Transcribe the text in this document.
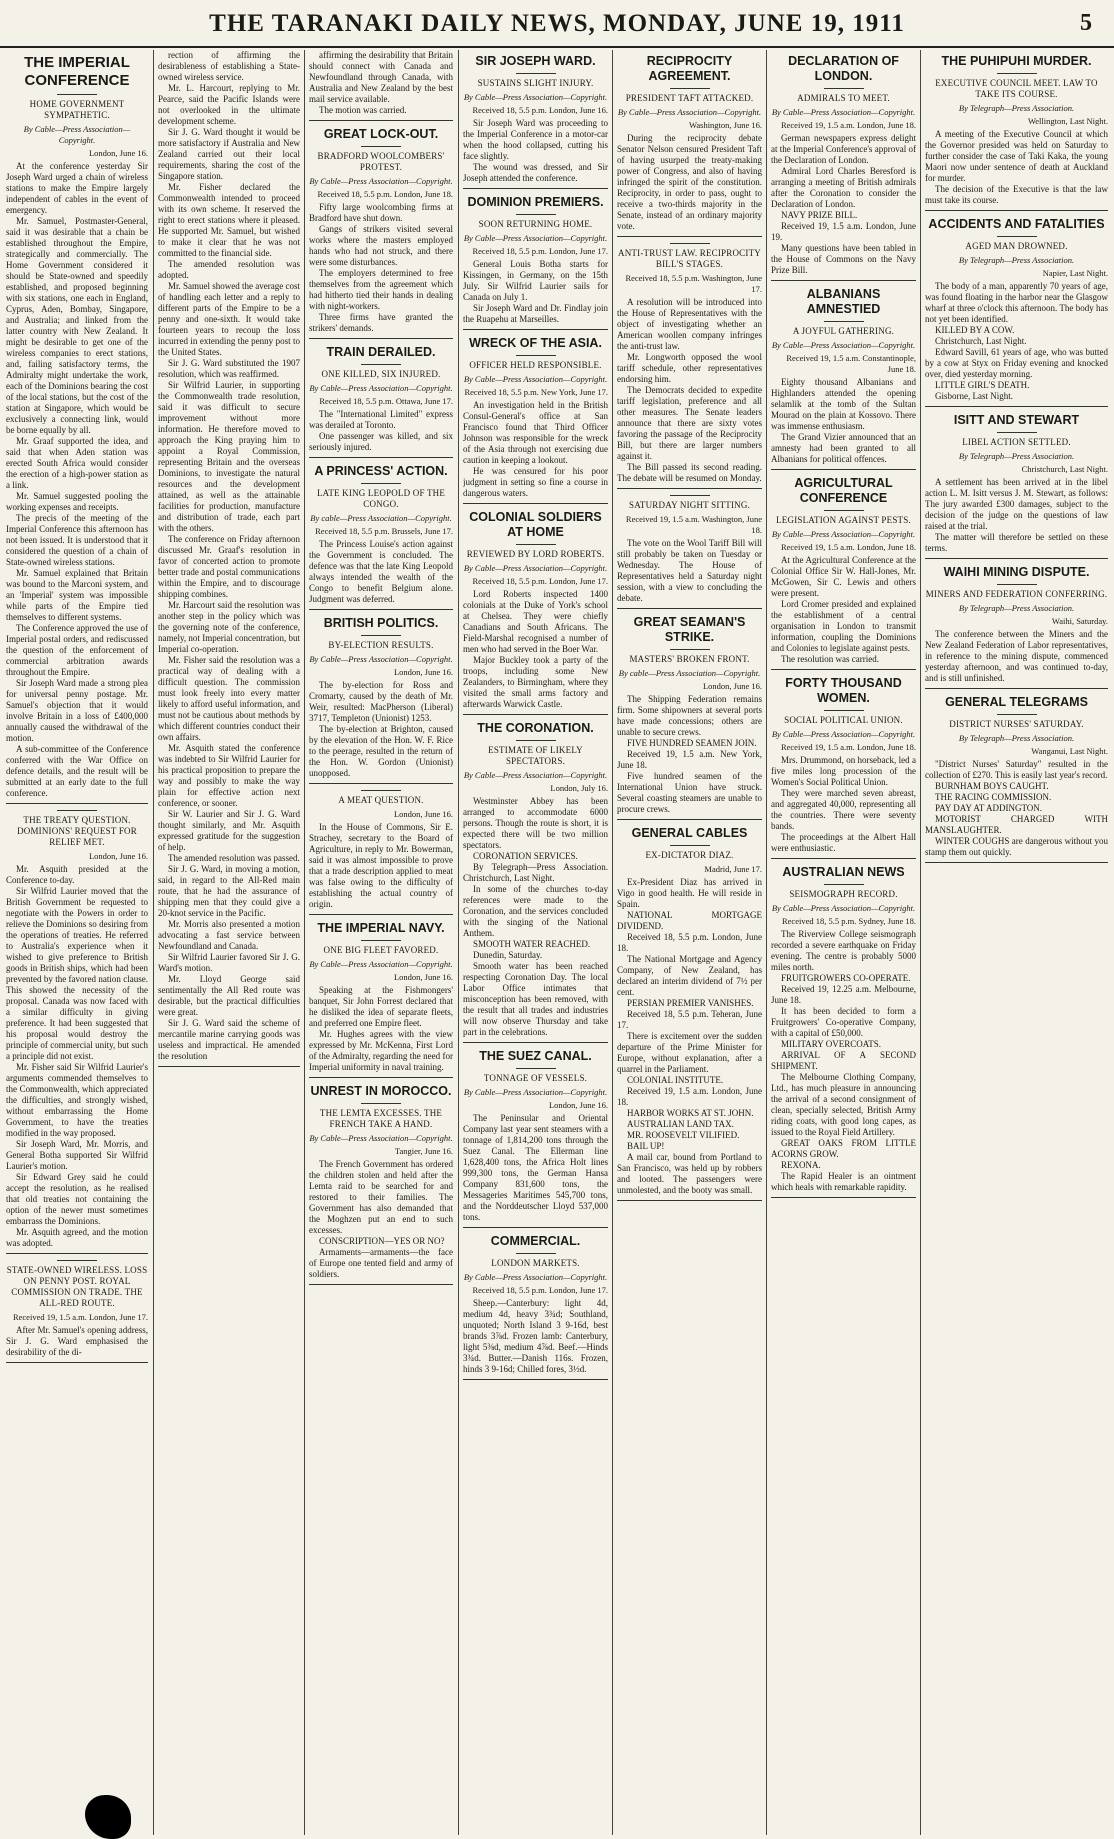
THE TARANAKI DAILY NEWS, MONDAY, JUNE 19, 1911	5
THE IMPERIAL CONFERENCE
HOME GOVERNMENT SYMPATHETIC.
By Cable—Press Association—Copyright.
London, June 16.

At the conference yesterday Sir Joseph Ward urged a chain of wireless stations to make the Empire largely independent of cables in the event of emergency.

Mr. Samuel, Postmaster-General, said it was desirable that a chain be established throughout the Empire, strategically and commercially. The Home Government considered it should be State-owned and speedily established, and proposed beginning with six stations, one each in England, Cyprus, Aden, Bombay, Singapore, and Australia; and linked from the latter country with New Zealand. It might be desirable to get one of the wireless companies to erect stations, and, failing satisfactory terms, the Admiralty might undertake the work, each of the Dominions bearing the cost of the local stations, but the cost of the station at Singapore, which would be exclusively a connecting link, would be borne equally by all.

Mr. Graaf supported the idea, and said that when Aden station was erected South Africa would consider the erection of a high-power station as a link.

Mr. Samuel suggested pooling the working expenses and receipts.

The precis of the meeting of the Imperial Conference this afternoon has not been issued. It is understood that it considered the question of a chain of State-owned wireless stations.

Mr. Samuel explained that Britain was bound to the Marconi system, and an 'Imperial' system was impossible while parts of the Empire tied themselves to different systems.

The Conference approved the use of Imperial postal orders, and rediscussed the question of the enforcement of commercial arbitration awards throughout the Empire.

Sir Joseph Ward made a strong plea for universal penny postage. Mr. Samuel's objection that it would involve Britain in a loss of £400,000 annually caused the withdrawal of the motion.

A sub-committee of the Conference conferred with the War Office on defence details, and the result will be submitted at an early date to the full conference.

THE TREATY QUESTION. DOMINIONS' REQUEST FOR RELIEF MET.
London, June 16.

Mr. Asquith presided at the Conference to-day.

Sir Wilfrid Laurier moved that the British Government be requested to negotiate with the Powers in order to relieve the Dominions so desiring from the operations of treaties. He referred to Australia's experience when it wished to give preference to British goods in British ships, which had been prevented by the favored nation clause. This showed the necessity of the proposal. Canada was now faced with a similar difficulty in giving preference. It had been suggested that his proposal would destroy the principle of commercial unity, but such a principle did not exist.

Mr. Fisher said Sir Wilfrid Laurier's arguments commended themselves to the Commonwealth, which appreciated the difficulties, and strongly wished, without embarrassing the Home Government, to have the treaties modified in the way proposed.

Sir Joseph Ward, Mr. Morris, and General Botha supported Sir Wilfrid Laurier's motion.

Sir Edward Grey said he could accept the resolution, as he realised that old treaties not containing the option of the newer must sometimes embarrass the Dominions.

Mr. Asquith agreed, and the motion was adopted.

STATE-OWNED WIRELESS. LOSS ON PENNY POST. ROYAL COMMISSION ON TRADE. THE ALL-RED ROUTE.
Received 19, 1.5 a.m. London, June 17.

After Mr. Samuel's opening address, Sir J. G. Ward emphasised the desirability of the di-

rection of affirming the desirableness of establishing a State-owned wireless service.

Mr. L. Harcourt, replying to Mr. Pearce, said the Pacific Islands were not overlooked in the ultimate development scheme.

Sir J. G. Ward thought it would be more satisfactory if Australia and New Zealand carried out their local requirements, sharing the cost of the Singapore station.

Mr. Fisher declared the Commonwealth intended to proceed with its own scheme. It reserved the right to erect stations where it pleased. He supported Mr. Samuel, but wished to make it clear that he was not committed to the financial side.

The amended resolution was adopted.

Mr. Samuel showed the average cost of handling each letter and a reply to different parts of the Empire to be a penny and one-sixth. It would take fourteen years to recoup the loss incurred in extending the penny post to the United States.

Sir J. G. Ward substituted the 1907 resolution, which was reaffirmed.

Sir Wilfrid Laurier, in supporting the Commonwealth trade resolution, said it was difficult to secure improvement without more information. He therefore moved to approach the King praying him to appoint a Royal Commission, representing Britain and the overseas Dominions, to investigate the natural resources and the development attained, as well as the attainable facilities for production, manufacture and distribution of trade, each part with the others.

The conference on Friday afternoon discussed Mr. Graaf's resolution in favor of concerted action to promote better trade and postal communications within the Empire, and to discourage shipping combines.

Mr. Harcourt said the resolution was another step in the policy which was the governing note of the conference, namely, not Imperial concentration, but Imperial co-operation.

Mr. Fisher said the resolution was a practical way of dealing with a difficult question. The commission must look freely into every matter likely to afford useful information, and must not be cautious about methods by which different countries conduct their own affairs.

Mr. Asquith stated the conference was indebted to Sir Wilfrid Laurier for his practical proposition to prepare the way and possibly to make the way plain for effective action next conference, or sooner.

Sir W. Laurier and Sir J. G. Ward thought similarly, and Mr. Asquith expressed gratitude for the suggestion of help.

The amended resolution was passed.

Sir J. G. Ward, in moving a motion, said, in regard to the All-Red main route, that he had the assurance of shipping men that they could give a 20-knot service in the Pacific.

Mr. Morris also presented a motion advocating a fast service between Newfoundland and Canada.

Sir Wilfrid Laurier favored Sir J. G. Ward's motion.

Mr. Lloyd George said sentimentally the All Red route was desirable, but the practical difficulties were great.

Sir J. G. Ward said the scheme of mercantile marine carrying goods was useless and impractical. He amended the resolution

affirming the desirability that Britain should connect with Canada and Newfoundland through Canada, with Australia and New Zealand by the best mail service available.

The motion was carried.

GREAT LOCK-OUT.
BRADFORD WOOLCOMBERS' PROTEST.
By Cable—Press Association—Copyright.
Received 18, 5.5 p.m. London, June 18.

Fifty large woolcombing firms at Bradford have shut down.

Gangs of strikers visited several works where the masters employed hands who had not struck, and there were some disturbances.

The employers determined to free themselves from the agreement which had hitherto tied their hands in dealing with night-workers.

Three firms have granted the strikers' demands.

TRAIN DERAILED.
ONE KILLED, SIX INJURED.
By Cable—Press Association—Copyright.
Received 18, 5.5 p.m. Ottawa, June 17.

The "International Limited" express was derailed at Toronto.

One passenger was killed, and six seriously injured.

A PRINCESS' ACTION.
LATE KING LEOPOLD OF THE CONGO.
By cable—Press Association—Copyright.
Received 18, 5.5 p.m. Brussels, June 17.

The Princess Louise's action against the Government is concluded. The defence was that the late King Leopold always intended the wealth of the Congo to benefit Belgium alone. Judgment was deferred.

BRITISH POLITICS.
BY-ELECTION RESULTS.
By Cable—Press Association—Copyright.
London, June 16.

The by-election for Ross and Cromarty, caused by the death of Mr. Weir, resulted: MacPherson (Liberal) 3717, Templeton (Unionist) 1253.

The by-election at Brighton, caused by the elevation of the Hon. W. F. Rice to the peerage, resulted in the return of the Hon. W. Gordon (Unionist) unopposed.

A MEAT QUESTION.
London, June 16.

In the House of Commons, Sir E. Strachey, secretary to the Board of Agriculture, in reply to Mr. Bowerman, said it was almost impossible to prove that a trade description applied to meat was false owing to the difficulty of establishing the actual country of origin.

THE IMPERIAL NAVY.
ONE BIG FLEET FAVORED.
By Cable—Press Association—Copyright.
London, June 16.

Speaking at the Fishmongers' banquet, Sir John Forrest declared that he disliked the idea of separate fleets, and preferred one Empire fleet.

Mr. Hughes agrees with the view expressed by Mr. McKenna, First Lord of the Admiralty, regarding the need for Imperial uniformity in naval training.

UNREST IN MOROCCO.
THE LEMTA EXCESSES. THE FRENCH TAKE A HAND.
By Cable—Press Association—Copyright.
Tangier, June 16.

The French Government has ordered the children stolen and held after the Lemta raid to be searched for and restored to their families. The Government has also demanded that the Moghzen put an end to such excesses.

CONSCRIPTION—YES OR NO?

Armaments—armaments—the face of Europe one tented field and army of soldiers.

SIR JOSEPH WARD.
SUSTAINS SLIGHT INJURY.
By Cable—Press Association—Copyright.
Received 18, 5.5 p.m. London, June 16.

Sir Joseph Ward was proceeding to the Imperial Conference in a motor-car when the hood collapsed, cutting his face slightly.

The wound was dressed, and Sir Joseph attended the conference.

DOMINION PREMIERS.
SOON RETURNING HOME.
By Cable—Press Association—Copyright.
Received 18, 5.5 p.m. London, June 17.

General Louis Botha starts for Kissingen, in Germany, on the 15th July. Sir Wilfrid Laurier sails for Canada on July 1.

Sir Joseph Ward and Dr. Findlay join the Ruapehu at Marseilles.

WRECK OF THE ASIA.
OFFICER HELD RESPONSIBLE.
By Cable—Press Association—Copyright.
Received 18, 5.5 p.m. New York, June 17.

An investigation held in the British Consul-General's office at San Francisco found that Third Officer Johnson was responsible for the wreck of the Asia through not exercising due caution in keeping a lookout.

He was censured for his poor judgment in setting so fine a course in dangerous waters.

COLONIAL SOLDIERS AT HOME
REVIEWED BY LORD ROBERTS.
By Cable—Press Association—Copyright.
Received 18, 5.5 p.m. London, June 17.

Lord Roberts inspected 1400 colonials at the Duke of York's school at Chelsea. They were chiefly Canadians and South Africans. The Field-Marshal recognised a number of men who had served in the Boer War.

Major Buckley took a party of the troops, including some New Zealanders, to Birmingham, where they visited the small arms factory and afterwards Warwick Castle.

THE CORONATION.
ESTIMATE OF LIKELY SPECTATORS.
By Cable—Press Association—Copyright.
London, July 16.

Westminster Abbey has been arranged to accommodate 6000 persons. Though the route is short, it is expected there will be two million spectators.

CORONATION SERVICES.

By Telegraph—Press Association. Christchurch, Last Night.

In some of the churches to-day references were made to the Coronation, and the services concluded with the singing of the National Anthem.

SMOOTH WATER REACHED.

Dunedin, Saturday.

Smooth water has been reached respecting Coronation Day. The local Labor Office intimates that misconception has been removed, with the result that all trades and industries will now observe Thursday and take part in the celebrations.

THE SUEZ CANAL.
TONNAGE OF VESSELS.
By Cable—Press Association—Copyright.
London, June 16.

The Peninsular and Oriental Company last year sent steamers with a tonnage of 1,814,200 tons through the Suez Canal. The Ellerman line 1,628,400 tons, the Africa Holt lines 999,300 tons, the German Hansa Company 831,600 tons, the Messageries Maritimes 545,700 tons, and the Norddeutscher Lloyd 537,000 tons.

COMMERCIAL.
LONDON MARKETS.
By Cable—Press Association—Copyright.
Received 18, 5.5 p.m. London, June 17.

Sheep.—Canterbury: light 4d, medium 4d, heavy 3¾d; Southland, unquoted; North Island 3 9-16d, best brands 3⅞d. Frozen lamb: Canterbury, light 5⅜d, medium 4⅞d. Beef.—Hinds 3¾d. Butter.—Danish 116s. Frozen, hinds 3 9-16d; Chilled fores, 3½d.

RECIPROCITY AGREEMENT.
PRESIDENT TAFT ATTACKED.
By Cable—Press Association—Copyright.
Washington, June 16.

During the reciprocity debate Senator Nelson censured President Taft of having usurped the treaty-making power of Congress, and also of having infringed the spirit of the constitution. Reciprocity, in order to pass, ought to receive a two-thirds majority in the Senate, instead of an ordinary majority vote.

ANTI-TRUST LAW. RECIPROCITY BILL'S STAGES.
Received 18, 5.5 p.m. Washington, June 17.

A resolution will be introduced into the House of Representatives with the object of investigating whether an American woollen company infringes the anti-trust law.

Mr. Longworth opposed the wool tariff schedule, other representatives endorsing him.

The Democrats decided to expedite tariff legislation, preference and all other measures. The Senate leaders announce that there are sixty votes favoring the passage of the Reciprocity Bill, but there are larger numbers against it.

The Bill passed its second reading. The debate will be resumed on Monday.

SATURDAY NIGHT SITTING.
Received 19, 1.5 a.m. Washington, June 18.

The vote on the Wool Tariff Bill will still probably be taken on Tuesday or Wednesday. The House of Representatives held a Saturday night session, with a view to concluding the debate.

GREAT SEAMAN'S STRIKE.
MASTERS' BROKEN FRONT.
By cable—Press Association—Copyright.
London, June 16.

The Shipping Federation remains firm. Some shipowners at several ports have made concessions; others are unable to secure crews.

FIVE HUNDRED SEAMEN JOIN.

Received 19, 1.5 a.m. New York, June 18.

Five hundred seamen of the International Union have struck. Several coasting steamers are unable to procure crews.

GENERAL CABLES
EX-DICTATOR DIAZ.
Madrid, June 17.

Ex-President Diaz has arrived in Vigo in good health. He will reside in Spain.

NATIONAL MORTGAGE DIVIDEND.

Received 18, 5.5 p.m. London, June 18.

The National Mortgage and Agency Company, of New Zealand, has declared an interim dividend of 7½ per cent.

PERSIAN PREMIER VANISHES.

Received 18, 5.5 p.m. Teheran, June 17.

There is excitement over the sudden departure of the Prime Minister for Europe, without explanation, after a quarrel in the Parliament.

COLONIAL INSTITUTE.

Received 19, 1.5 a.m. London, June 18.

HARBOR WORKS AT ST. JOHN.

AUSTRALIAN LAND TAX.

MR. ROOSEVELT VILIFIED.

BAIL UP!

A mail car, bound from Portland to San Francisco, was held up by robbers and looted. The passengers were unmolested, and the booty was small.

DECLARATION OF LONDON.
ADMIRALS TO MEET.
By Cable—Press Association—Copyright.
Received 19, 1.5 a.m. London, June 18.

German newspapers express delight at the Imperial Conference's approval of the Declaration of London.

Admiral Lord Charles Beresford is arranging a meeting of British admirals after the Coronation to consider the Declaration of London.

NAVY PRIZE BILL.

Received 19, 1.5 a.m. London, June 19.

Many questions have been tabled in the House of Commons on the Navy Prize Bill.

ALBANIANS AMNESTIED
A JOYFUL GATHERING.
By Cable—Press Association—Copyright.
Received 19, 1.5 a.m. Constantinople, June 18.

Eighty thousand Albanians and Highlanders attended the opening selamlik at the tomb of the Sultan Mourad on the plain at Kossovo. There was immense enthusiasm.

The Grand Vizier announced that an amnesty had been granted to all Albanians for political offences.

AGRICULTURAL CONFERENCE
LEGISLATION AGAINST PESTS.
By Cable—Press Association—Copyright.
Received 19, 1.5 a.m. London, June 18.

At the Agricultural Conference at the Colonial Office Sir W. Hall-Jones, Mr. McGowen, Sir C. Lewis and others were present.

Lord Cromer presided and explained the establishment of a central organisation in London to transmit information, coupling the Dominions and Colonies to legislate against pests.

The resolution was carried.

FORTY THOUSAND WOMEN.
SOCIAL POLITICAL UNION.
By Cable—Press Association—Copyright.
Received 19, 1.5 a.m. London, June 18.

Mrs. Drummond, on horseback, led a five miles long procession of the Women's Social Political Union.

They were marched seven abreast, and aggregated 40,000, representing all the countries. There were seventy bands.

The proceedings at the Albert Hall were enthusiastic.

AUSTRALIAN NEWS
SEISMOGRAPH RECORD.
By Cable—Press Association—Copyright.
Received 18, 5.5 p.m. Sydney, June 18.

The Riverview College seismograph recorded a severe earthquake on Friday evening. The centre is probably 5000 miles north.

FRUITGROWERS CO-OPERATE.

Received 19, 12.25 a.m. Melbourne, June 18.

It has been decided to form a Fruitgrowers' Co-operative Company, with a capital of £50,000.

MILITARY OVERCOATS.

ARRIVAL OF A SECOND SHIPMENT.

The Melbourne Clothing Company, Ltd., has much pleasure in announcing the arrival of a second consignment of clean, specially selected, British Army riding coats, with good long capes, as issued to the Royal Field Artillery.

GREAT OAKS FROM LITTLE ACORNS GROW.

REXONA.

The Rapid Healer is an ointment which heals with remarkable rapidity.

THE PUHIPUHI MURDER.
EXECUTIVE COUNCIL MEET. LAW TO TAKE ITS COURSE.
By Telegraph—Press Association.
Wellington, Last Night.

A meeting of the Executive Council at which the Governor presided was held on Saturday to further consider the case of Taki Kaka, the young Maori now under sentence of death at Auckland for murder.

The decision of the Executive is that the law must take its course.

ACCIDENTS AND FATALITIES
AGED MAN DROWNED.
By Telegraph—Press Association.
Napier, Last Night.

The body of a man, apparently 70 years of age, was found floating in the harbor near the Glasgow wharf at three o'clock this afternoon. The body has not yet been identified.

KILLED BY A COW.

Christchurch, Last Night.

Edward Savill, 61 years of age, who was butted by a cow at Styx on Friday evening and knocked over, died yesterday morning.

LITTLE GIRL'S DEATH.

Gisborne, Last Night.

ISITT AND STEWART
LIBEL ACTION SETTLED.
By Telegraph—Press Association.
Christchurch, Last Night.

A settlement has been arrived at in the libel action L. M. Isitt versus J. M. Stewart, as follows: The jury awarded £300 damages, subject to the decision of the judge on the questions of law raised at the trial.

The matter will therefore be settled on these terms.

WAIHI MINING DISPUTE.
MINERS AND FEDERATION CONFERRING.
By Telegraph—Press Association.
Waihi, Saturday.

The conference between the Miners and the New Zealand Federation of Labor representatives, in reference to the mining dispute, commenced yesterday afternoon, and was continued to-day, and is still unfinished.

GENERAL TELEGRAMS
DISTRICT NURSES' SATURDAY.
By Telegraph—Press Association.
Wanganui, Last Night.

"District Nurses' Saturday" resulted in the collection of £270. This is easily last year's record.

BURNHAM BOYS CAUGHT.

THE RACING COMMISSION.

PAY DAY AT ADDINGTON.

MOTORIST CHARGED WITH MANSLAUGHTER.

WINTER COUGHS are dangerous without you stamp them out quickly.
